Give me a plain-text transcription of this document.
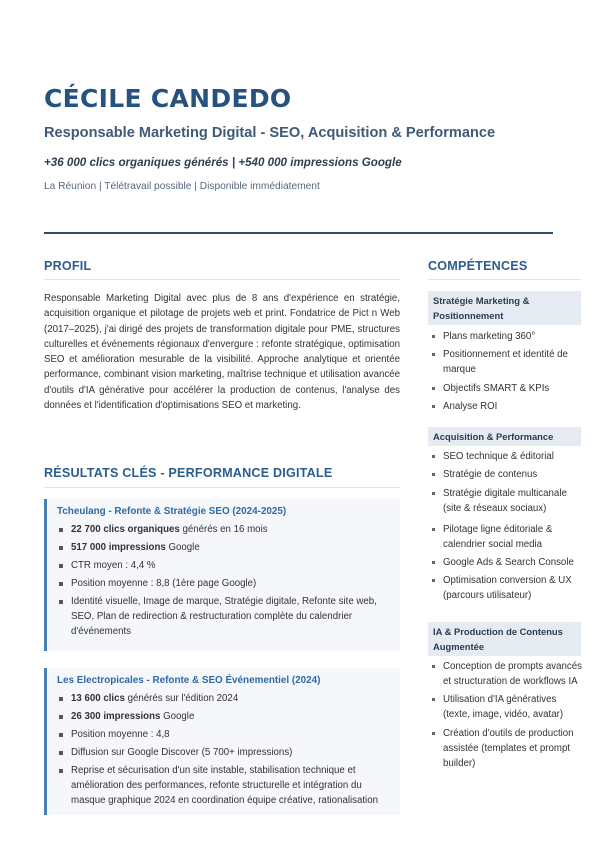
CÉCILE CANDEDO
Responsable Marketing Digital - SEO, Acquisition & Performance

+36 000 clics organiques générés | +540 000 impressions Google

La Réunion | Télétravail possible | Disponible immédiatement

PROFIL

Responsable Marketing Digital avec plus de 8 ans d'expérience en stratégie, acquisition organique et pilotage de projets web et print. Fondatrice de Pict n Web (2017–2025), j'ai dirigé des projets de transformation digitale pour PME, structures culturelles et événements régionaux d'envergure : refonte stratégique, optimisation SEO et amélioration mesurable de la visibilité. Approche analytique et orientée performance, combinant vision marketing, maîtrise technique et utilisation avancée d'outils d'IA générative pour accélérer la production de contenus, l'analyse des données et l'identification d'optimisations SEO et marketing.

RÉSULTATS CLÉS - PERFORMANCE DIGITALE
Tcheulang - Refonte & Stratégie SEO (2024-2025)
22 700 clics organiques générés en 16 mois
517 000 impressions Google
CTR moyen : 4,4 %
Position moyenne : 8,8 (1ère page Google)
Identité visuelle, Image de marque, Stratégie digitale, Refonte site web, SEO, Plan de redirection & restructuration complète du calendrier d'événements
Les Electropicales - Refonte & SEO Événementiel (2024)
13 600 clics générés sur l'édition 2024
26 300 impressions Google
Position moyenne : 4,8
Diffusion sur Google Discover (5 700+ impressions)
Reprise et sécurisation d'un site instable, stabilisation technique et amélioration des performances, refonte structurelle et intégration du masque graphique 2024 en coordination équipe créative, rationalisation
COMPÉTENCES
Stratégie Marketing & Positionnement
Plans marketing 360°
Positionnement et identité de marque
Objectifs SMART & KPIs
Analyse ROI
Acquisition & Performance
SEO technique & éditorial
Stratégie de contenus
Stratégie digitale multicanale (site & réseaux sociaux)
Pilotage ligne éditoriale & calendrier social media
Google Ads & Search Console
Optimisation conversion & UX (parcours utilisateur)
IA & Production de Contenus Augmentée
Conception de prompts avancés et structuration de workflows IA
Utilisation d'IA génératives (texte, image, vidéo, avatar)
Création d'outils de production assistée (templates et prompt builder)
